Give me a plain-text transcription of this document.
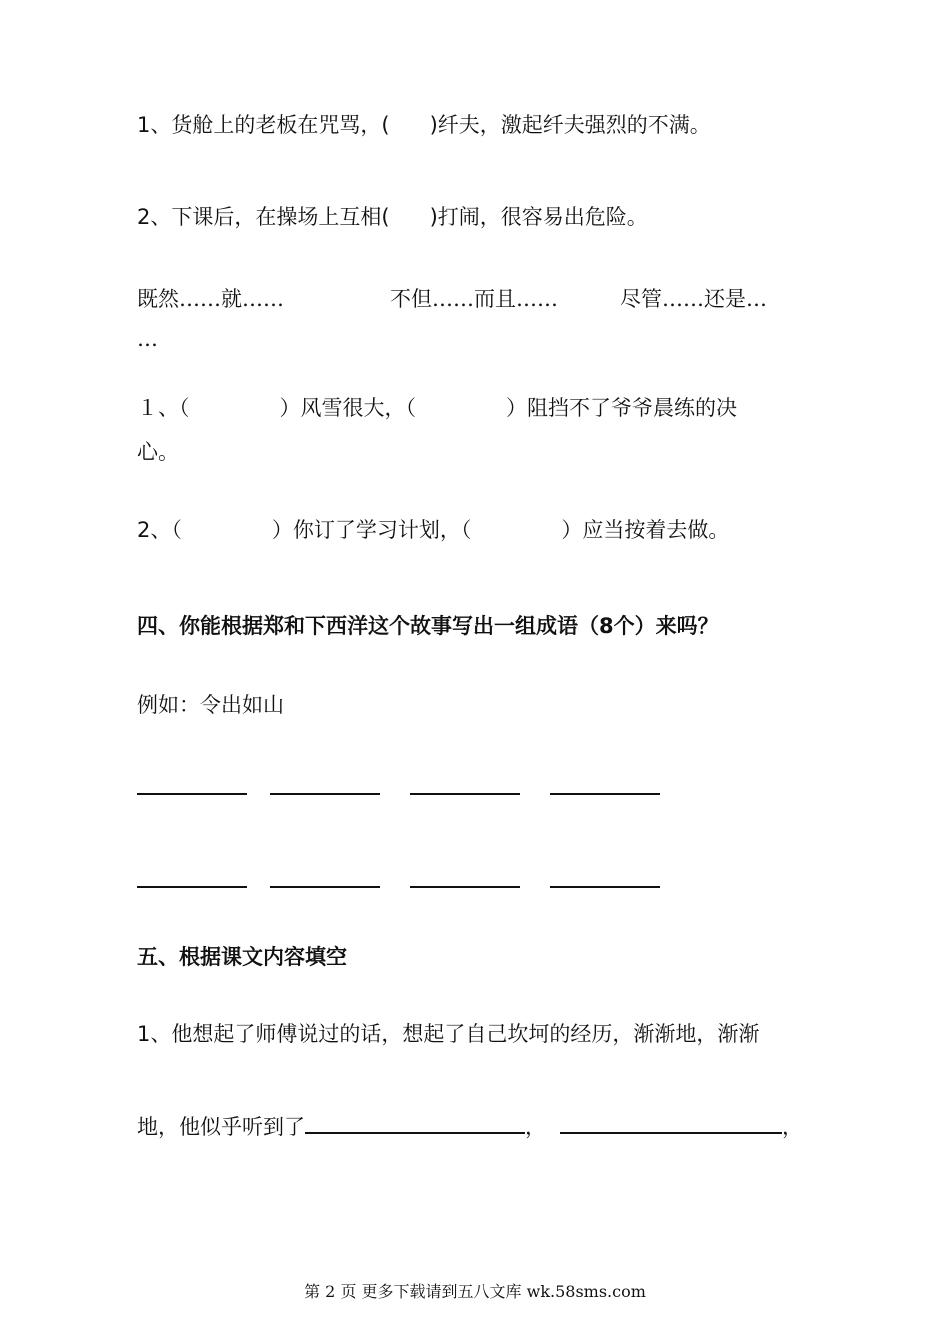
1、货舱上的老板在咒骂，( )纤夫，激起纤夫强烈的不满。
2、下课后，在操场上互相( )打闹，很容易出危险。
既然……就……	不但……而且……	尽管……还是…
…
１、（	）风雪很大，（	）阻挡不了爷爷晨练的决
心。
2、（	）你订了学习计划，（	）应当按着去做。
四、你能根据郑和下西洋这个故事写出一组成语（8个）来吗？
例如：令出如山
五、根据课文内容填空
1、他想起了师傅说过的话，想起了自己坎坷的经历，渐渐地，渐渐
地，他似乎听到了	，	，
第 2 页 更多下载请到五八文库 wk.58sms.com
